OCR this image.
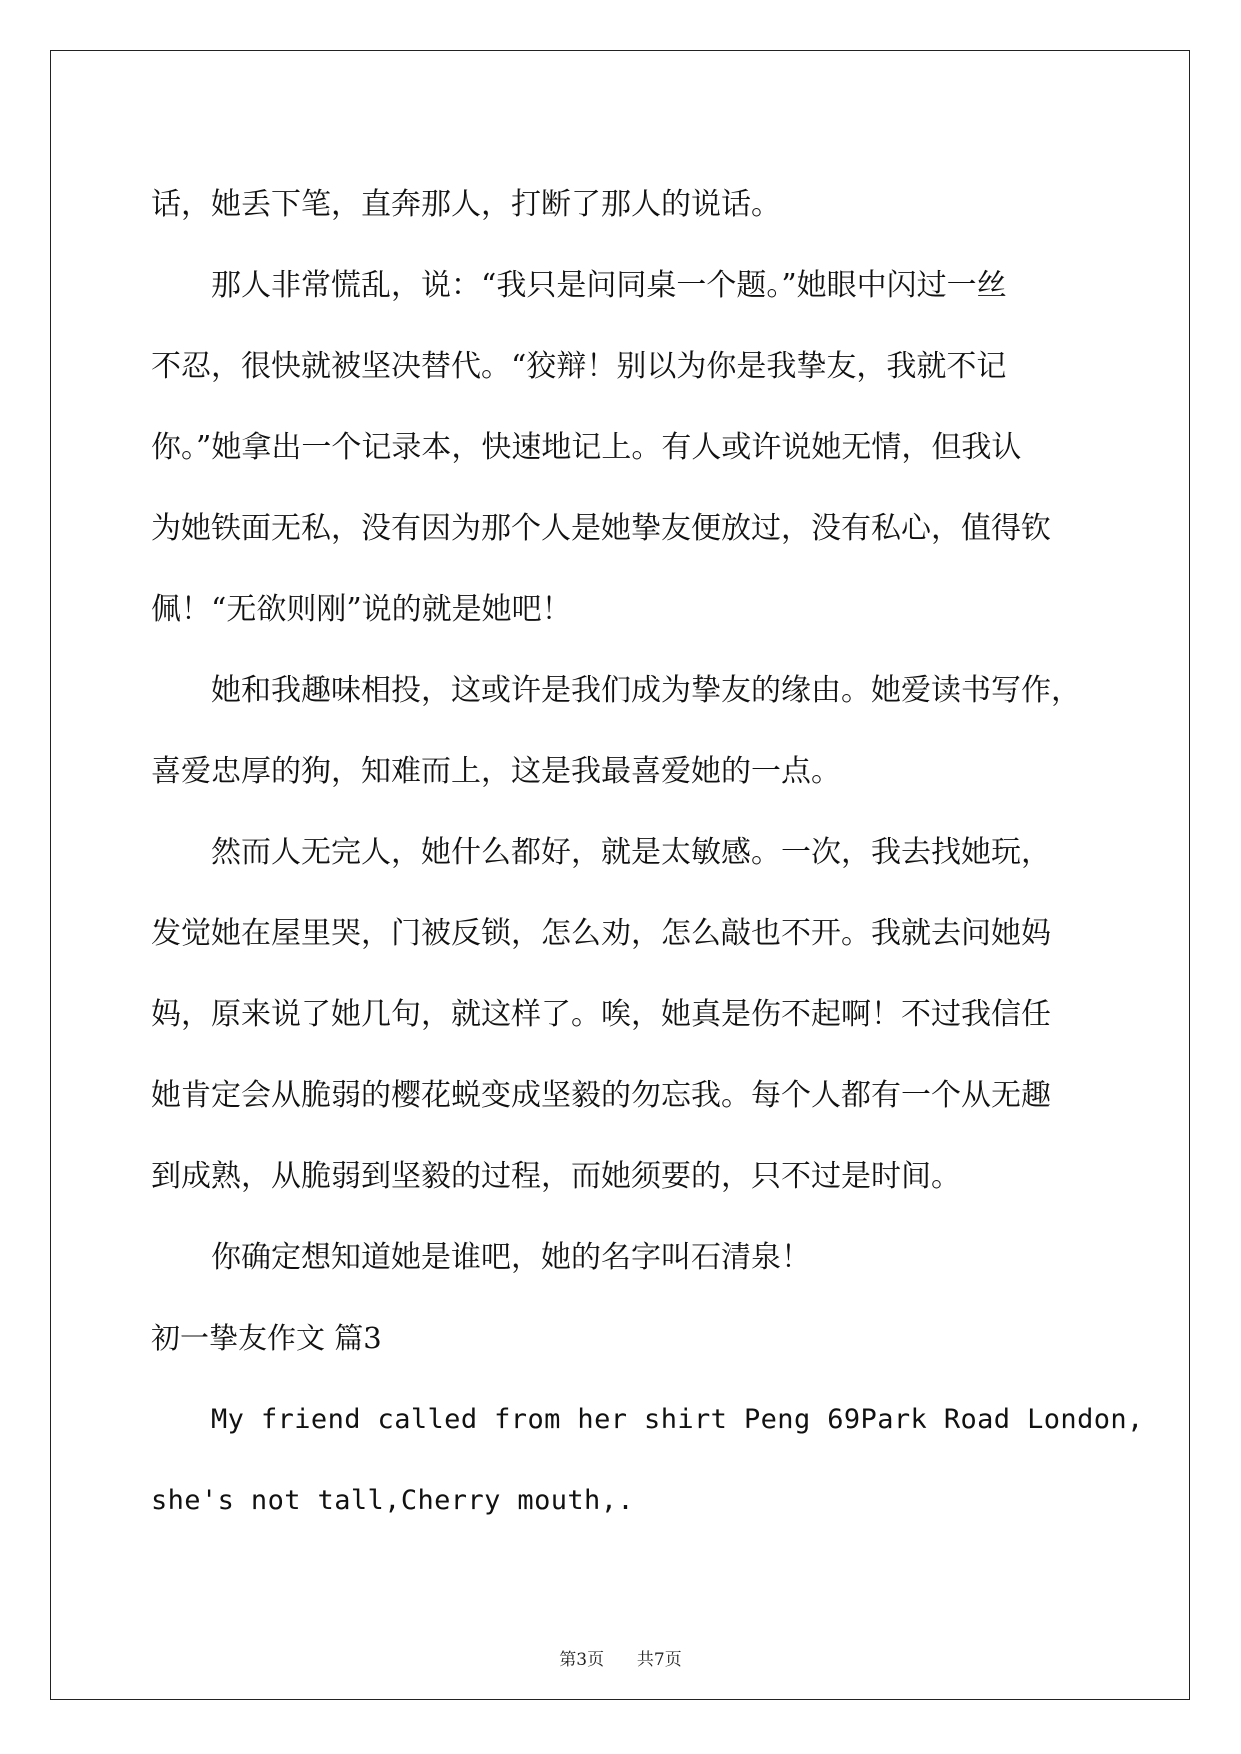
话，她丢下笔，直奔那人，打断了那人的说话。
那人非常慌乱，说：“我只是问同桌一个题。”她眼中闪过一丝
不忍，很快就被坚决替代。“狡辩！别以为你是我挚友，我就不记
你。”她拿出一个记录本，快速地记上。有人或许说她无情，但我认
为她铁面无私，没有因为那个人是她挚友便放过，没有私心，值得钦
佩！“无欲则刚”说的就是她吧！
她和我趣味相投，这或许是我们成为挚友的缘由。她爱读书写作，
喜爱忠厚的狗，知难而上，这是我最喜爱她的一点。
然而人无完人，她什么都好，就是太敏感。一次，我去找她玩，
发觉她在屋里哭，门被反锁，怎么劝，怎么敲也不开。我就去问她妈
妈，原来说了她几句，就这样了。唉，她真是伤不起啊！不过我信任
她肯定会从脆弱的樱花蜕变成坚毅的勿忘我。每个人都有一个从无趣
到成熟，从脆弱到坚毅的过程，而她须要的，只不过是时间。
你确定想知道她是谁吧，她的名字叫石清泉！
初一挚友作文 篇3
My friend called from her shirt Peng 69Park Road London,
she's not tall,Cherry mouth,.
第3页 共7页
